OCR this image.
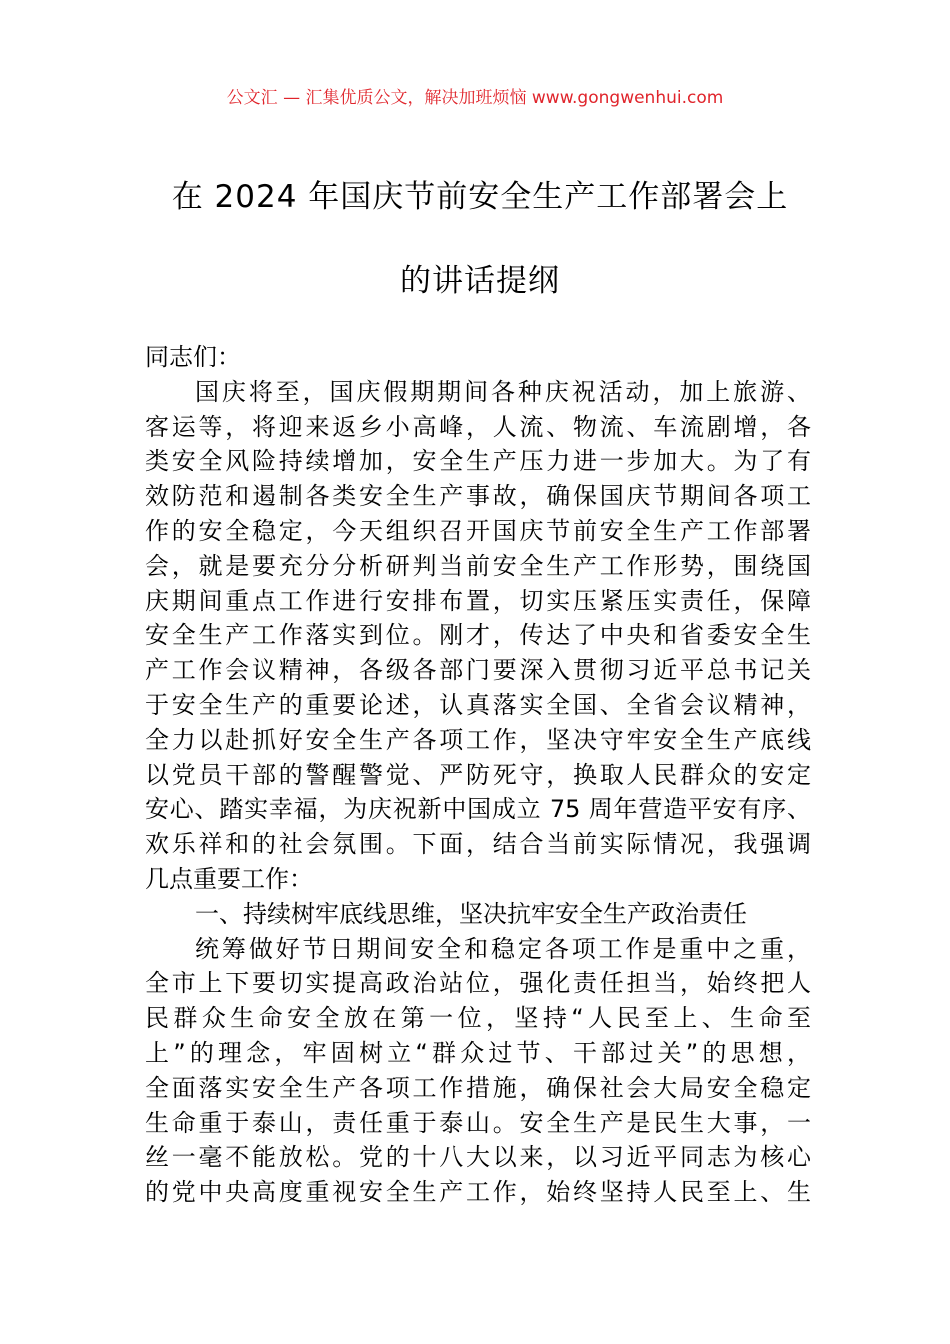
公文汇 — 汇集优质公文，解决加班烦恼 www.gongwenhui.com
在 2024 年国庆节前安全生产工作部署会上
的讲话提纲
同志们：
国庆将至，国庆假期期间各种庆祝活动，加上旅游、
客运等，将迎来返乡小高峰，人流、物流、车流剧增，各
类安全风险持续增加，安全生产压力进一步加大。为了有
效防范和遏制各类安全生产事故，确保国庆节期间各项工
作的安全稳定，今天组织召开国庆节前安全生产工作部署
会，就是要充分分析研判当前安全生产工作形势，围绕国
庆期间重点工作进行安排布置，切实压紧压实责任，保障
安全生产工作落实到位。刚才，传达了中央和省委安全生
产工作会议精神，各级各部门要深入贯彻习近平总书记关
于安全生产的重要论述，认真落实全国、全省会议精神，
全力以赴抓好安全生产各项工作，坚决守牢安全生产底线
以党员干部的警醒警觉、严防死守，换取人民群众的安定
安心、踏实幸福，为庆祝新中国成立 75 周年营造平安有序、
欢乐祥和的社会氛围。下面，结合当前实际情况，我强调
几点重要工作：
一、持续树牢底线思维，坚决抗牢安全生产政治责任
统筹做好节日期间安全和稳定各项工作是重中之重，
全市上下要切实提高政治站位，强化责任担当，始终把人
民群众生命安全放在第一位，坚持“人民至上、生命至
上”的理念，牢固树立“群众过节、干部过关”的思想，
全面落实安全生产各项工作措施，确保社会大局安全稳定
生命重于泰山，责任重于泰山。安全生产是民生大事，一
丝一毫不能放松。党的十八大以来，以习近平同志为核心
的党中央高度重视安全生产工作，始终坚持人民至上、生
